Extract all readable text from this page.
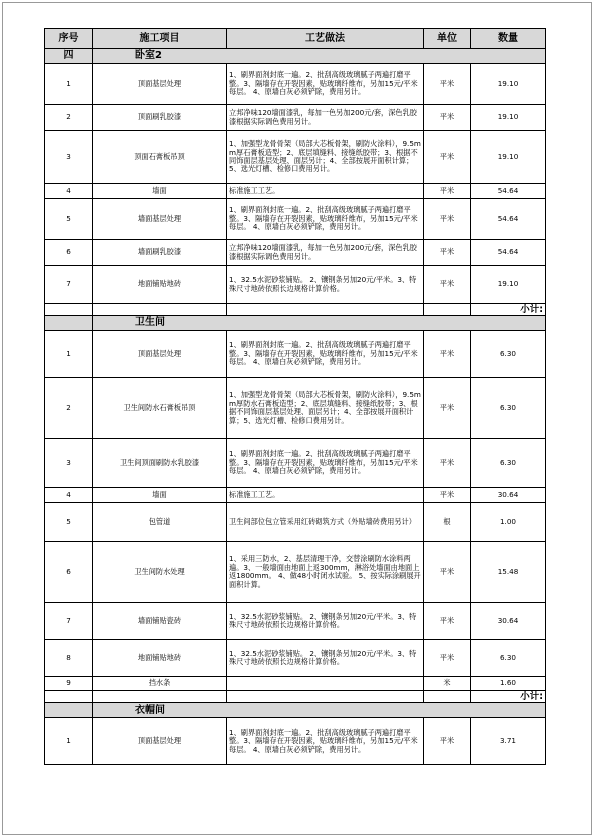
序号	施工项目	工艺做法	单位	数量
四	卧室2			
1	顶面基层处理	1、刷界面剂封底一遍。2、批刮高级玻璃腻子两遍打磨平整。3、隔墙存在开裂因素，贴玻璃纤维布，另加15元/平米每层。 4、原墙白灰必须铲除，费用另计。	平米	19.10
2	顶面刷乳胶漆	立邦净味120墙面漆乳，每加一色另加200元/套，深色乳胶漆根据实际调色费用另计。	平米	19.10
3	顶面石膏板吊顶	1、加强型龙骨骨架（局部大芯板骨架，刷防火涂料），9.5mm厚石膏板造型；2、底层填缝料、接缝纸胶带；3、根据不同饰面层基层处理、面层另计；4、全部按展开面积计算；5、选光灯槽、检修口费用另计。	平米	19.10
4	墙面	标准施工工艺。	平米	54.64
5	墙面基层处理	1、刷界面剂封底一遍。2、批刮高级玻璃腻子两遍打磨平整。3、隔墙存在开裂因素，贴玻璃纤维布，另加15元/平米每层。 4、原墙白灰必须铲除，费用另计。	平米	54.64
6	墙面刷乳胶漆	立邦净味120墙面漆乳，每加一色另加200元/套，深色乳胶漆根据实际调色费用另计。	平米	54.64
7	地面铺贴地砖	1、32.5水泥砂浆铺贴。 2、镶钢条另加20元/平米。3、特殊尺寸地砖依照长边规格计算价格。	平米	19.10
				小计:
	卫生间			
1	顶面基层处理	1、刷界面剂封底一遍。2、批刮高级玻璃腻子两遍打磨平整。3、隔墙存在开裂因素，贴玻璃纤维布，另加15元/平米每层。 4、原墙白灰必须铲除，费用另计。	平米	6.30
2	卫生间防水石膏板吊顶	1、加强型龙骨骨架（局部大芯板骨架，刷防火涂料），9.5mm厚防水石膏板造型；2、底层填缝料、接缝纸胶带；3、根据不同饰面层基层处理、面层另计；4、全部按展开面积计算；5、选光灯槽、检修口费用另计。	平米	6.30
3	卫生间顶面刷防水乳胶漆	1、刷界面剂封底一遍。2、批刮高级玻璃腻子两遍打磨平整。3、隔墙存在开裂因素，贴玻璃纤维布，另加15元/平米每层。 4、原墙白灰必须铲除，费用另计。	平米	6.30
4	墙面	标准施工工艺。	平米	30.64
5	包管道	卫生间部位包立管采用红砖砌筑方式（外贴墙砖费用另计）	根	1.00
6	卫生间防水处理	1、采用三防水，2、基层清理干净，交替涂刷防水涂料两遍。3、一般墙面由地面上返300mm，淋浴处墙面由地面上返1800mm。 4、做48小时闭水试验。 5、按实际涂刷展开面积计算。	平米	15.48
7	墙面铺贴瓷砖	1、32.5水泥砂浆铺贴。 2、镶钢条另加20元/平米。3、特殊尺寸地砖依照长边规格计算价格。	平米	30.64
8	地面铺贴地砖	1、32.5水泥砂浆铺贴。 2、镶钢条另加20元/平米。3、特殊尺寸地砖依照长边规格计算价格。	平米	6.30
9	挡水条		米	1.60
				小计:
	衣帽间			
1	顶面基层处理	1、刷界面剂封底一遍。2、批刮高级玻璃腻子两遍打磨平整。3、隔墙存在开裂因素，贴玻璃纤维布，另加15元/平米每层。 4、原墙白灰必须铲除，费用另计。	平米	3.71
